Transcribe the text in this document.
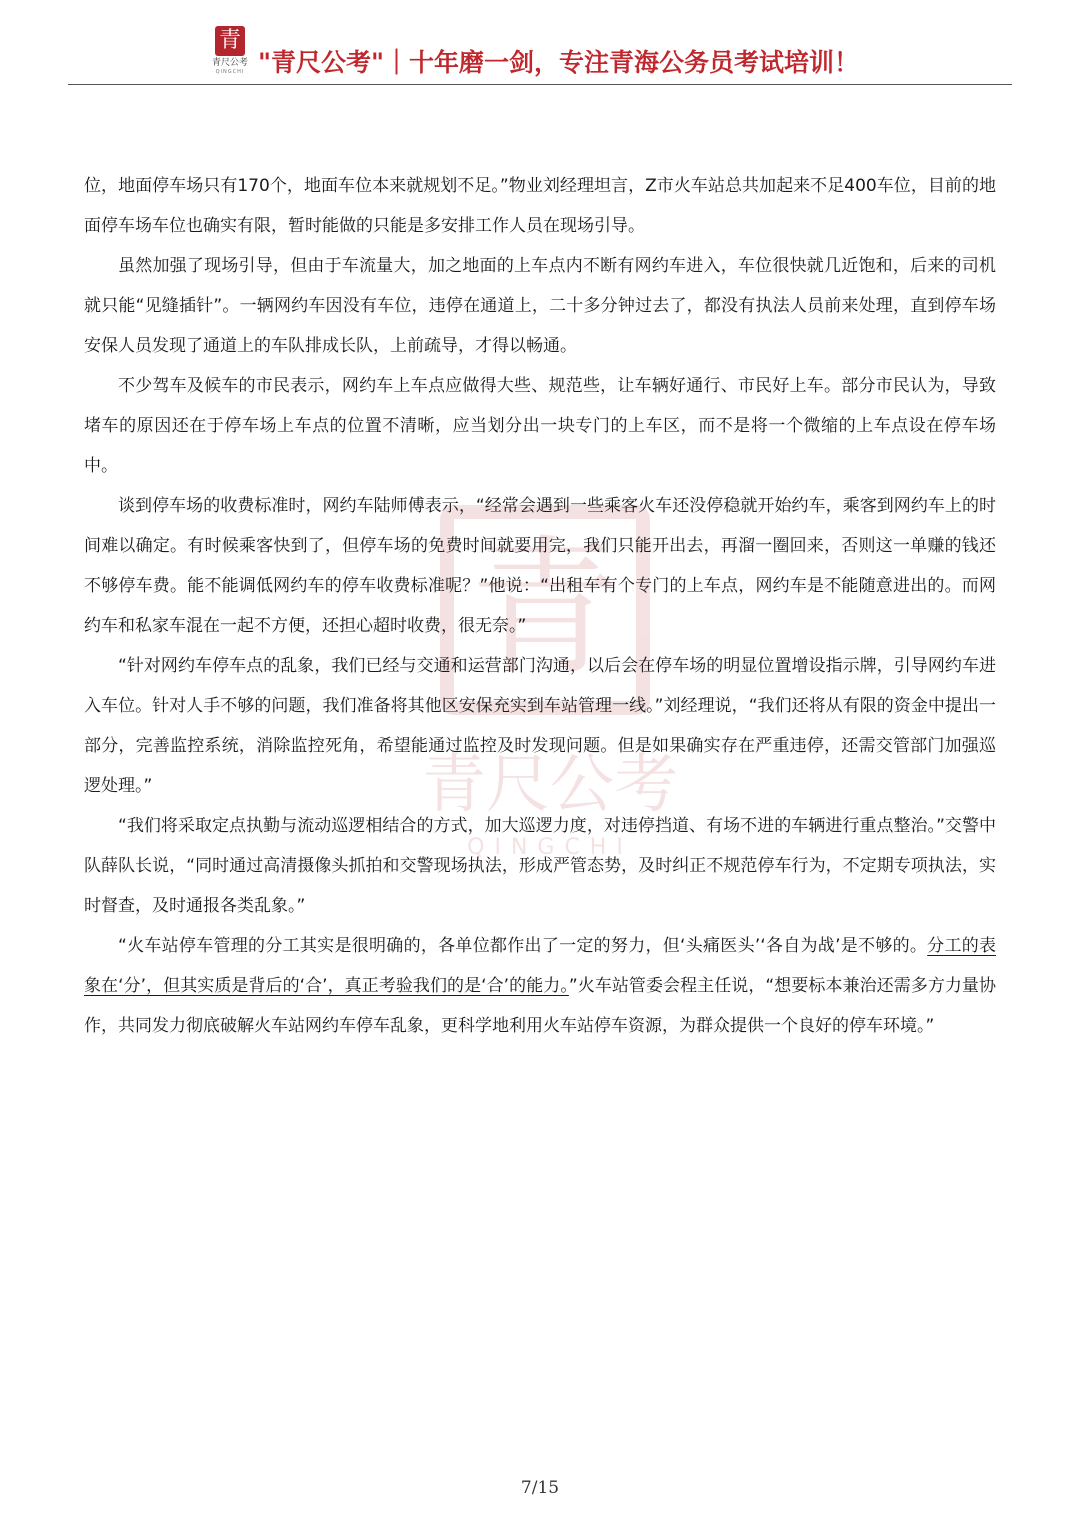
青
青尺公考
QINGCHI "青尺公考"｜十年磨一剑，专注青海公务员考试培训！
青
青尺公考
QINGCHI

位，地面停车场只有170个，地面车位本来就规划不足。”物业刘经理坦言，Z市火车站总共加起来不足400车位，目前的地面停车场车位也确实有限，暂时能做的只能是多安排工作人员在现场引导。

虽然加强了现场引导，但由于车流量大，加之地面的上车点内不断有网约车进入，车位很快就几近饱和，后来的司机就只能“见缝插针”。一辆网约车因没有车位，违停在通道上，二十多分钟过去了，都没有执法人员前来处理，直到停车场安保人员发现了通道上的车队排成长队，上前疏导，才得以畅通。

不少驾车及候车的市民表示，网约车上车点应做得大些、规范些，让车辆好通行、市民好上车。部分市民认为，导致堵车的原因还在于停车场上车点的位置不清晰，应当划分出一块专门的上车区，而不是将一个微缩的上车点设在停车场中。

谈到停车场的收费标准时，网约车陆师傅表示，“经常会遇到一些乘客火车还没停稳就开始约车，乘客到网约车上的时间难以确定。有时候乘客快到了，但停车场的免费时间就要用完，我们只能开出去，再溜一圈回来，否则这一单赚的钱还不够停车费。能不能调低网约车的停车收费标准呢？”他说：“出租车有个专门的上车点，网约车是不能随意进出的。而网约车和私家车混在一起不方便，还担心超时收费，很无奈。”

“针对网约车停车点的乱象，我们已经与交通和运营部门沟通，以后会在停车场的明显位置增设指示牌，引导网约车进入车位。针对人手不够的问题，我们准备将其他区安保充实到车站管理一线。”刘经理说，“我们还将从有限的资金中提出一部分，完善监控系统，消除监控死角，希望能通过监控及时发现问题。但是如果确实存在严重违停，还需交管部门加强巡逻处理。”

“我们将采取定点执勤与流动巡逻相结合的方式，加大巡逻力度，对违停挡道、有场不进的车辆进行重点整治。”交警中队薛队长说，“同时通过高清摄像头抓拍和交警现场执法，形成严管态势，及时纠正不规范停车行为，不定期专项执法，实时督查，及时通报各类乱象。”

“火车站停车管理的分工其实是很明确的，各单位都作出了一定的努力，但‘头痛医头’‘各自为战’是不够的。分工的表象在‘分’，但其实质是背后的‘合’，真正考验我们的是‘合’的能力。”火车站管委会程主任说，“想要标本兼治还需多方力量协作，共同发力彻底破解火车站网约车停车乱象，更科学地利用火车站停车资源，为群众提供一个良好的停车环境。”

7/15
